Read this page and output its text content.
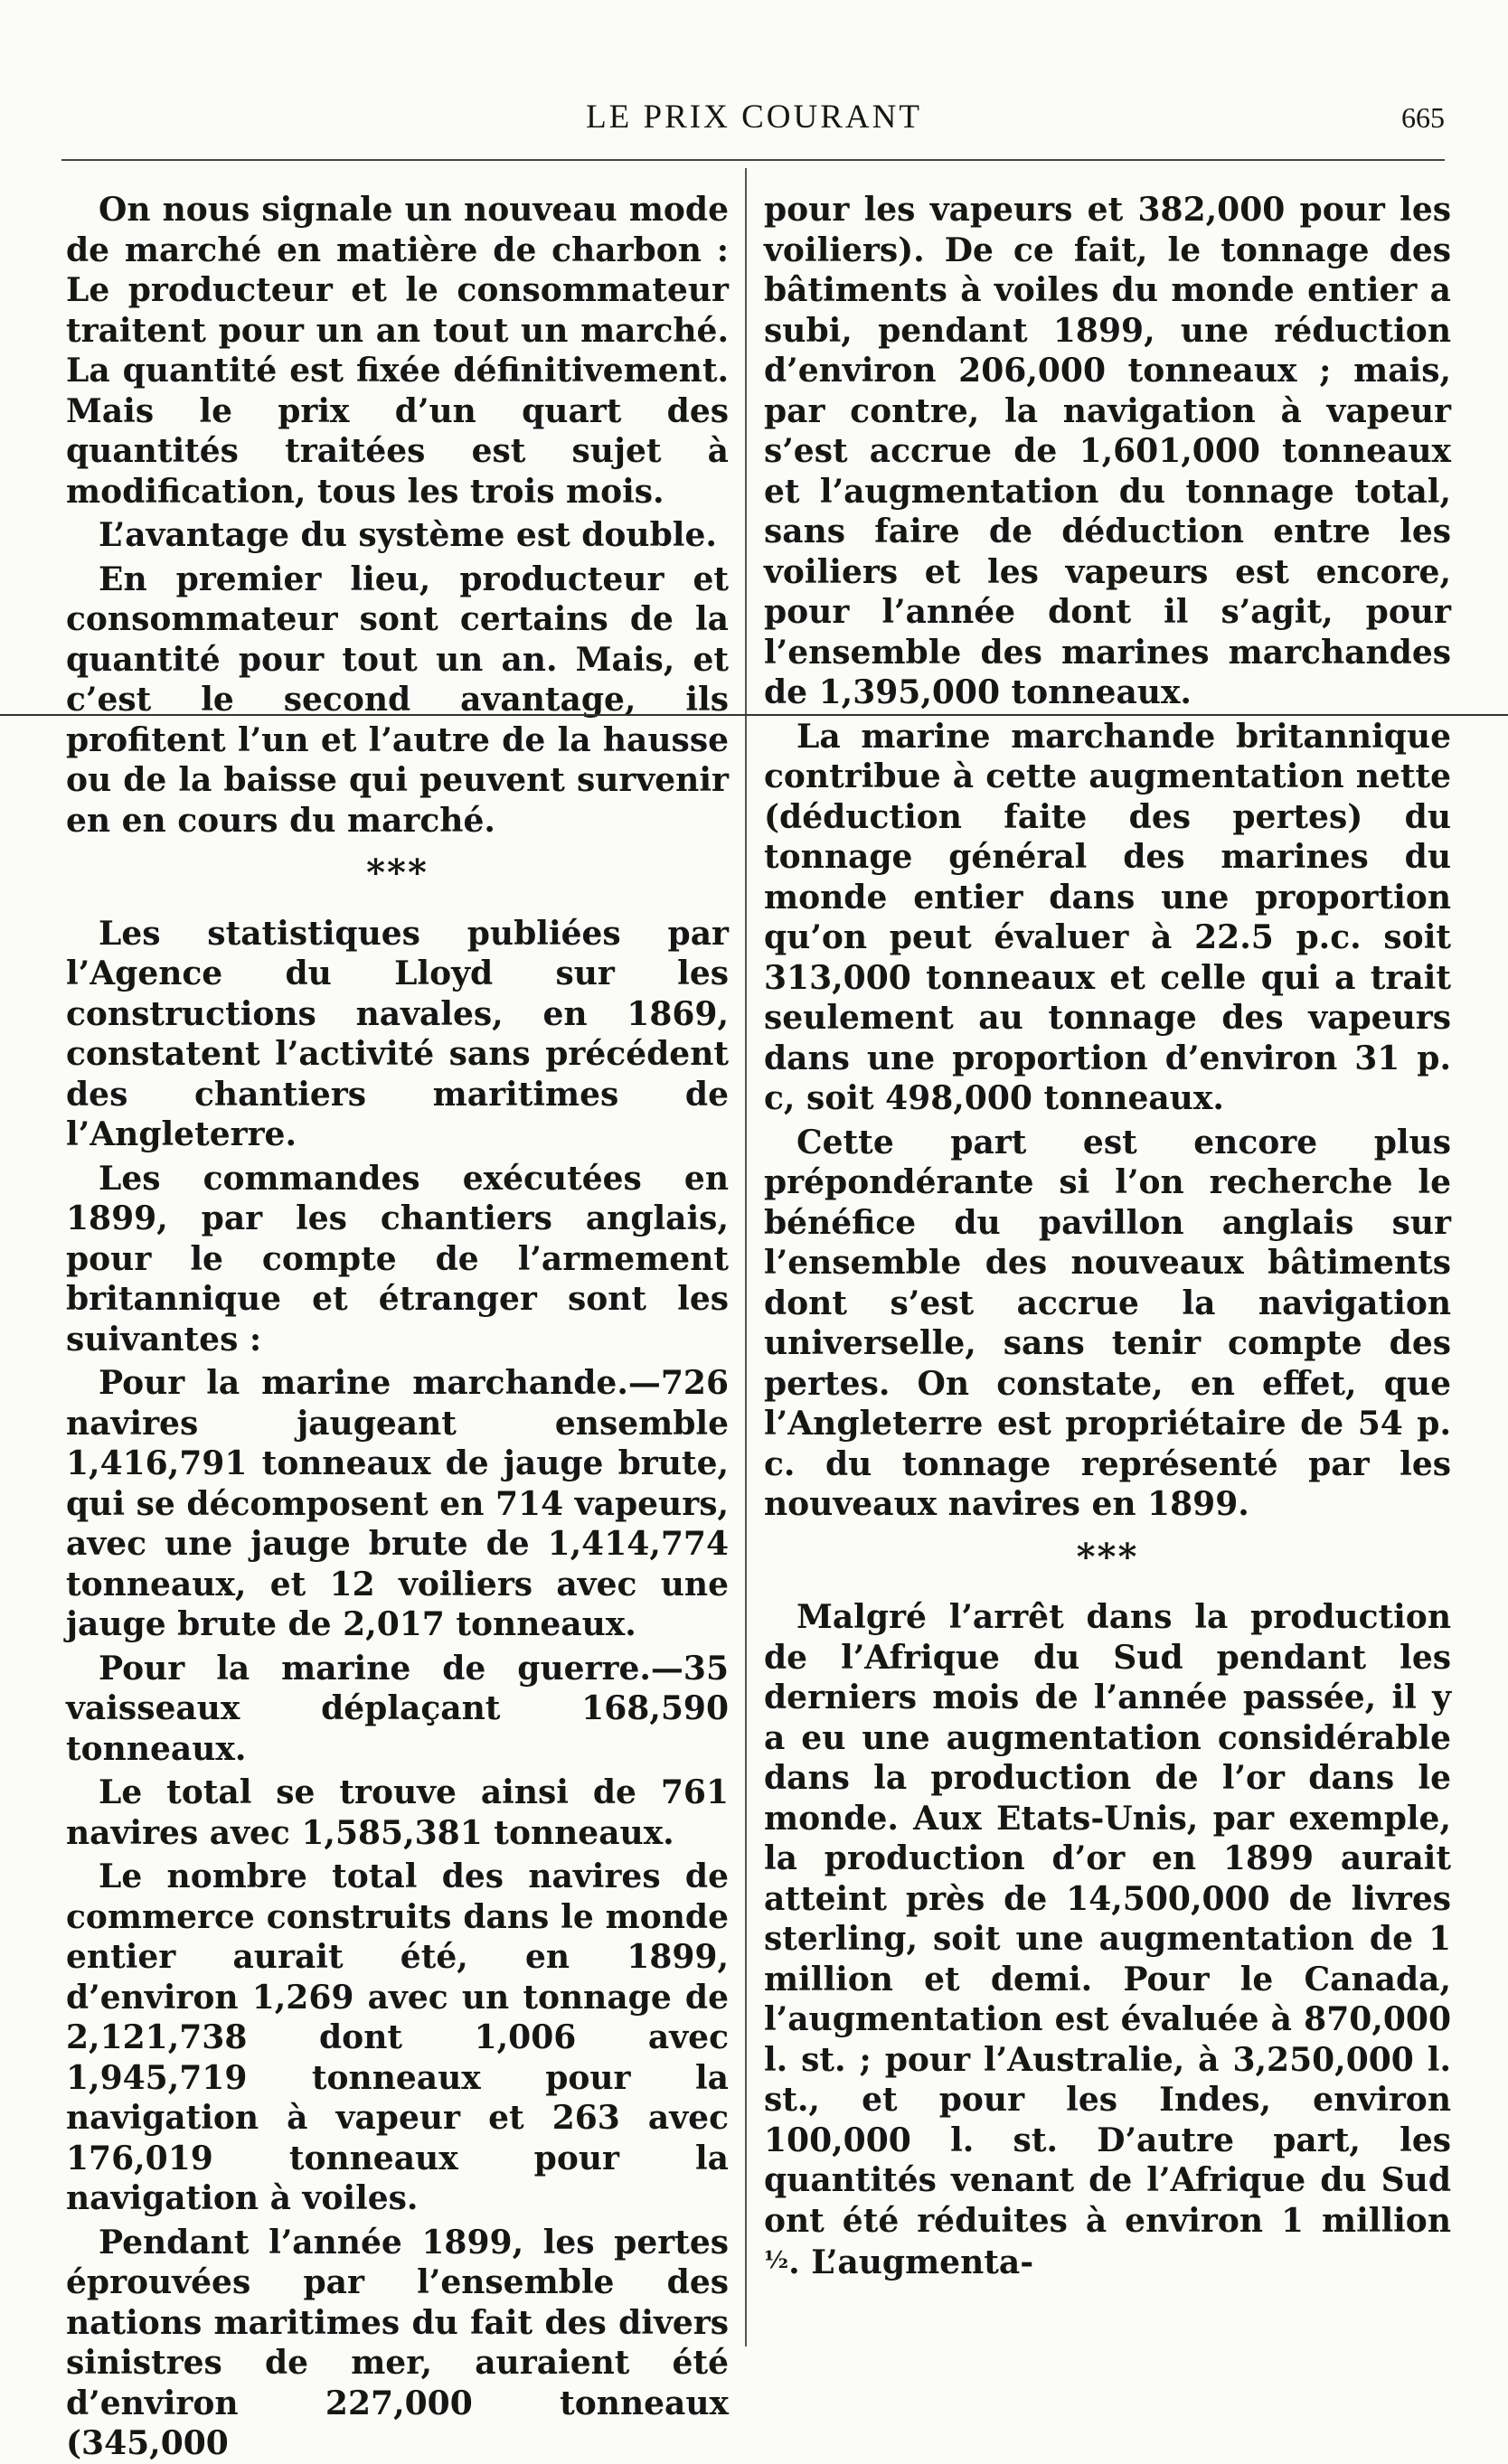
LE PRIX COURANT	665

On nous signale un nouveau mode de marché en matière de charbon : Le producteur et le consommateur traitent pour un an tout un marché. La quantité est fixée définitivement. Mais le prix d’un quart des quantités traitées est sujet à modification, tous les trois mois.

L’avantage du système est double.

En premier lieu, producteur et consommateur sont certains de la quantité pour tout un an. Mais, et c’est le second avantage, ils profitent l’un et l’autre de la hausse ou de la baisse qui peuvent survenir en en cours du marché.

***

Les statistiques publiées par l’Agence du Lloyd sur les constructions navales, en 1869, constatent l’activité sans précédent des chantiers maritimes de l’Angleterre.

Les commandes exécutées en 1899, par les chantiers anglais, pour le compte de l’armement britannique et étranger sont les suivantes :

Pour la marine marchande.—726 navires jaugeant ensemble 1,416,791 tonneaux de jauge brute, qui se décomposent en 714 vapeurs, avec une jauge brute de 1,414,774 tonneaux, et 12 voiliers avec une jauge brute de 2,017 tonneaux.

Pour la marine de guerre.—35 vaisseaux déplaçant 168,590 tonneaux.

Le total se trouve ainsi de 761 navires avec 1,585,381 tonneaux.

Le nombre total des navires de commerce construits dans le monde entier aurait été, en 1899, d’environ 1,269 avec un tonnage de 2,121,738 dont 1,006 avec 1,945,719 tonneaux pour la navigation à vapeur et 263 avec 176,019 tonneaux pour la navigation à voiles.

Pendant l’année 1899, les pertes éprouvées par l’ensemble des nations maritimes du fait des divers sinistres de mer, auraient été d’environ 227,000 tonneaux (345,000

pour les vapeurs et 382,000 pour les voiliers). De ce fait, le tonnage des bâtiments à voiles du monde entier a subi, pendant 1899, une réduction d’environ 206,000 tonneaux ; mais, par contre, la navigation à vapeur s’est accrue de 1,601,000 tonneaux et l’augmentation du tonnage total, sans faire de déduction entre les voiliers et les vapeurs est encore, pour l’année dont il s’agit, pour l’ensemble des marines marchandes de 1,395,000 tonneaux.

La marine marchande britannique contribue à cette augmentation nette (déduction faite des pertes) du tonnage général des marines du monde entier dans une proportion qu’on peut évaluer à 22.5 p.c. soit 313,000 tonneaux et celle qui a trait seulement au tonnage des vapeurs dans une proportion d’environ 31 p. c, soit 498,000 tonneaux.

Cette part est encore plus prépondérante si l’on recherche le bénéfice du pavillon anglais sur l’ensemble des nouveaux bâtiments dont s’est accrue la navigation universelle, sans tenir compte des pertes. On constate, en effet, que l’Angleterre est propriétaire de 54 p. c. du tonnage représenté par les nouveaux navires en 1899.

***

Malgré l’arrêt dans la production de l’Afrique du Sud pendant les derniers mois de l’année passée, il y a eu une augmentation considérable dans la production de l’or dans le monde. Aux Etats-Unis, par exemple, la production d’or en 1899 aurait atteint près de 14,500,000 de livres sterling, soit une augmentation de 1 million et demi. Pour le Canada, l’augmentation est évaluée à 870,000 l. st. ; pour l’Australie, à 3,250,000 l. st., et pour les Indes, environ 100,000 l. st. D’autre part, les quantités venant de l’Afrique du Sud ont été réduites à environ 1 million ½. L’augmenta-
